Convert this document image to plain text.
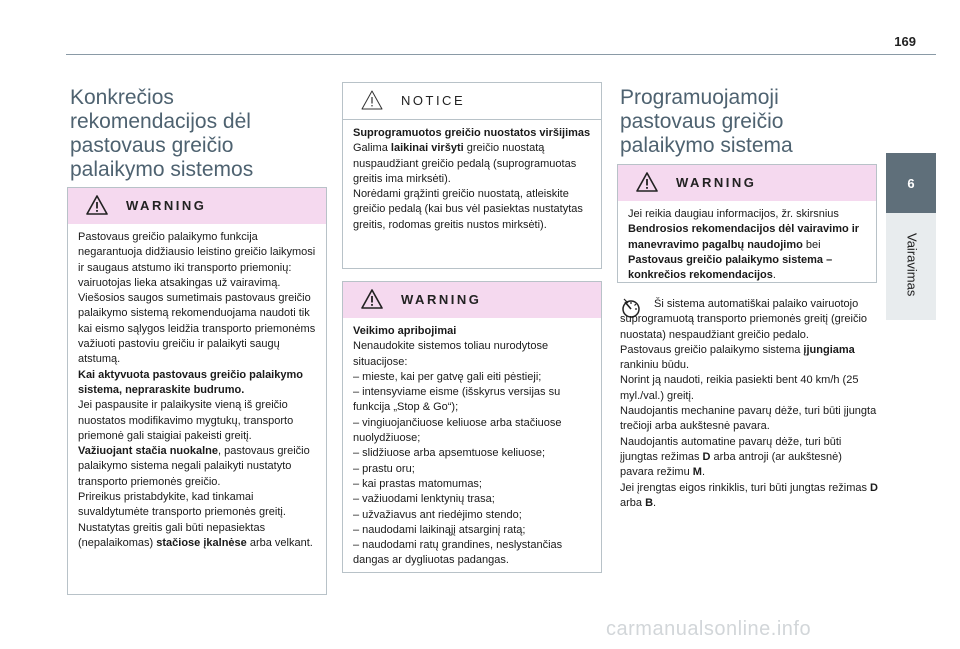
169
6
Vairavimas
Konkrečios
rekomendacijos dėl
pastovaus greičio
palaikymo sistemos
WARNING

Pastovaus greičio palaikymo funkcija negarantuoja didžiausio leistino greičio laikymosi ir saugaus atstumo iki transporto priemonių: vairuotojas lieka atsakingas už vairavimą.

Viešosios saugos sumetimais pastovaus greičio palaikymo sistemą rekomenduojama naudoti tik kai eismo sąlygos leidžia transporto priemonėms važiuoti pastoviu greičiu ir palaikyti saugų atstumą.

Kai aktyvuota pastovaus greičio palaikymo sistema, nepraraskite budrumo.

Jei paspausite ir palaikysite vieną iš greičio nuostatos modifikavimo mygtukų, transporto priemonė gali staigiai pakeisti greitį.

Važiuojant stačia nuokalne, pastovaus greičio palaikymo sistema negali palaikyti nustatyto transporto priemonės greičio.

Prireikus pristabdykite, kad tinkamai suvaldytumėte transporto priemonės greitį.

Nustatytas greitis gali būti nepasiektas (nepalaikomas) stačiose įkalnėse arba velkant.

NOTICE

Suprogramuotos greičio nuostatos viršijimas

Galima laikinai viršyti greičio nuostatą nuspaudžiant greičio pedalą (suprogramuotas greitis ima mirksėti).

Norėdami grąžinti greičio nuostatą, atleiskite greičio pedalą (kai bus vėl pasiektas nustatytas greitis, rodomas greitis nustos mirksėti).

WARNING

Veikimo apribojimai

Nenaudokite sistemos toliau nurodytose situacijose:

– mieste, kai per gatvę gali eiti pėstieji;

– intensyviame eisme (išskyrus versijas su funkcija „Stop & Go“);

– vingiuojančiuose keliuose arba stačiuose nuolydžiuose;

– slidžiuose arba apsemtuose keliuose;

– prastu oru;

– kai prastas matomumas;

– važiuodami lenktynių trasa;

– užvažiavus ant riedėjimo stendo;

– naudodami laikinąjį atsarginį ratą;

– naudodami ratų grandines, neslystančias dangas ar dygliuotas padangas.

Programuojamoji
pastovaus greičio
palaikymo sistema
WARNING

Jei reikia daugiau informacijos, žr. skirsnius Bendrosios rekomendacijos dėl vairavimo ir manevravimo pagalbų naudojimo bei Pastovaus greičio palaikymo sistema – konkrečios rekomendacijos.

Ši sistema automatiškai palaiko vairuotojo suprogramuotą transporto priemonės greitį (greičio nuostata) nespaudžiant greičio pedalo.

Pastovaus greičio palaikymo sistema įjungiama rankiniu būdu.

Norint ją naudoti, reikia pasiekti bent 40 km/h (25 myl./val.) greitį.

Naudojantis mechanine pavarų dėže, turi būti įjungta trečioji arba aukštesnė pavara.

Naudojantis automatine pavarų dėže, turi būti įjungtas režimas D arba antroji (ar aukštesnė) pavara režimu M.

Jei įrengtas eigos rinkiklis, turi būti jungtas režimas D arba B.

carmanualsonline.info
